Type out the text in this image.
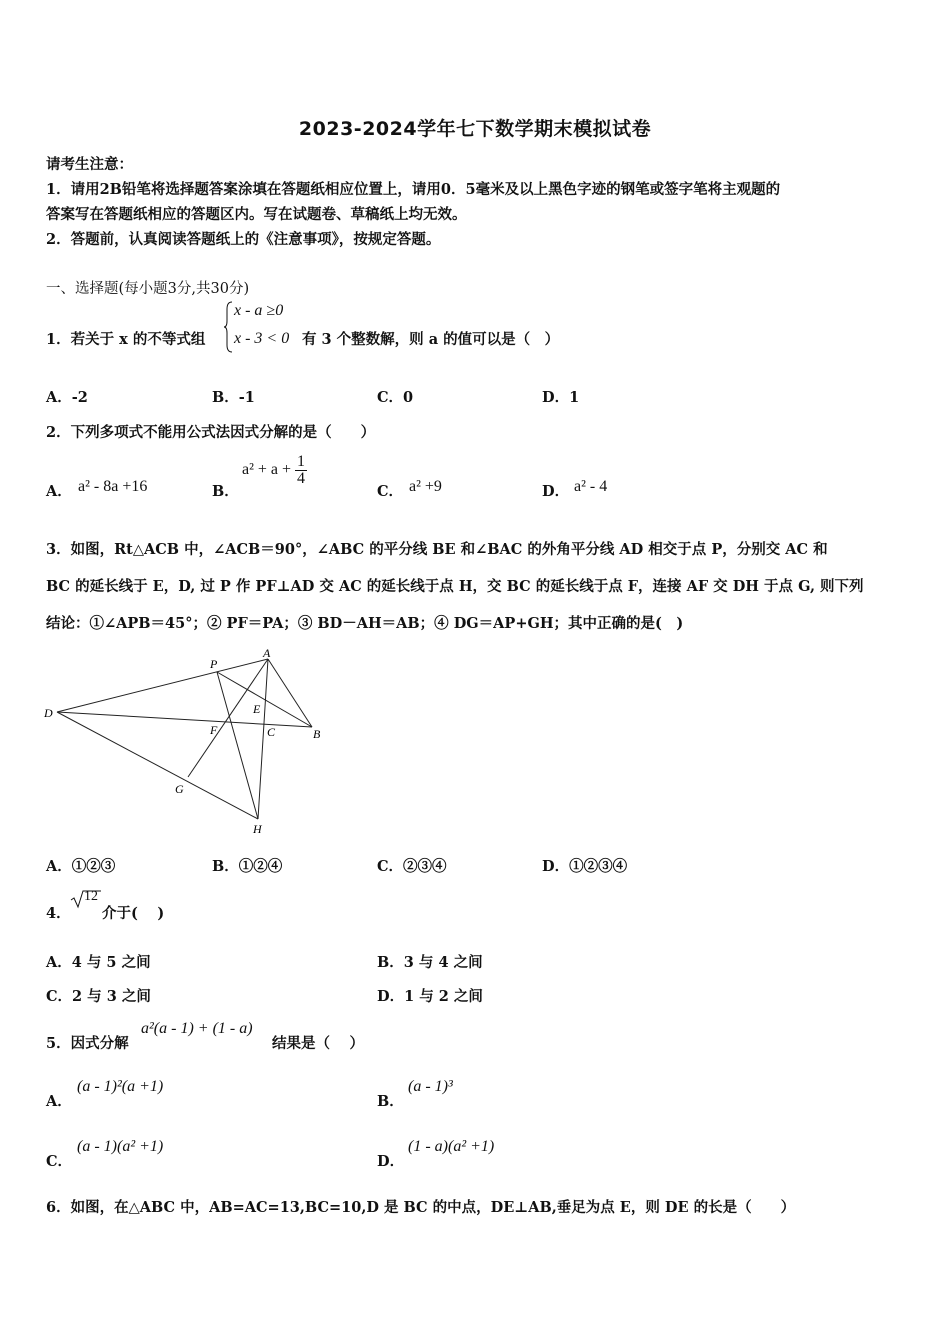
2023-2024学年七下数学期末模拟试卷
请考生注意：
1．请用2B铅笔将选择题答案涂填在答题纸相应位置上，请用0．5毫米及以上黑色字迹的钢笔或签字笔将主观题的
答案写在答题纸相应的答题区内。写在试题卷、草稿纸上均无效。
2．答题前，认真阅读答题纸上的《注意事项》，按规定答题。
一、选择题(每小题3分,共30分)
1．若关于 x 的不等式组
x - a ≥0
x - 3 < 0 有 3 个整数解，则 a 的值可以是（　）
A．-2	B．-1	C．0	D．1
2．下列多项式不能用公式法因式分解的是（　　）
A． a² - 8a +16	B．
$a^2 + a + \frac{1}{4}$
C． a² +9	D． a² - 4
3．如图，Rt△ACB 中，∠ACB＝90°，∠ABC 的平分线 BE 和∠BAC 的外角平分线 AD 相交于点 P，分别交 AC 和
BC 的延长线于 E，D, 过 P 作 PF⊥AD 交 AC 的延长线于点 H，交 BC 的延长线于点 F，连接 AF 交 DH 于点 G, 则下列
结论：①∠APB＝45°；② PF＝PA；③ BD－AH＝AB；④ DG＝AP+GH；其中正确的是(　)
P
A
D	E
F	C	B
G
H
A．①②③	B．①②④	C．②③④	D．①②③④
4．
12
介于(　 )
A．4 与 5 之间	B．3 与 4 之间
C．2 与 3 之间	D．1 与 2 之间
5．因式分解
a²(a - 1) + (1 - a)
结果是（　 ）
A．
(a - 1)²(a +1)
B．
(a - 1)³
C．
(a - 1)(a² +1)
D．
(1 - a)(a² +1)
6．如图，在△ABC 中，AB=AC=13,BC=10,D 是 BC 的中点，DE⊥AB,垂足为点 E，则 DE 的长是（　　）
